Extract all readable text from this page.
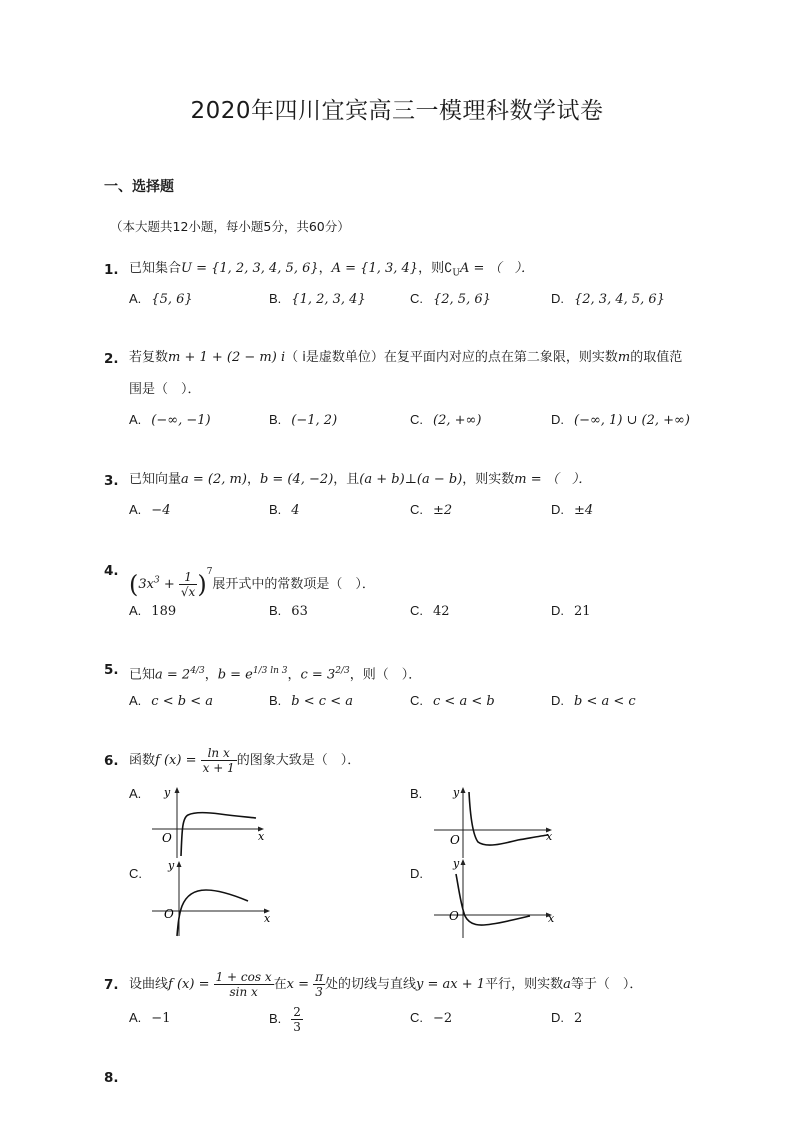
2020年四川宜宾高三一模理科数学试卷
一、选择题
（本大题共12小题，每小题5分，共60分）
1. 已知集合U = {1, 2, 3, 4, 5, 6}，A = {1, 3, 4}，则$∁_UA$ = （　）．
A. {5, 6}	B. {1, 2, 3, 4}	C. {2, 5, 6}	D. {2, 3, 4, 5, 6}
2. 若复数m + 1 + (2 − m) i（ i是虚数单位）在复平面内对应的点在第二象限，则实数m的取值范
围是（　）．
A. (−∞, −1)	B. (−1, 2)	C. (2, +∞)	D. (−∞, 1) ∪ (2, +∞)
3. 已知向量a = (2, m)，b = (4, −2)，且(a + b)⊥(a − b)，则实数m = （　）．
A. −4	B. 4	C. ±2	D. ±4
4. $(3x^3 + \frac{1}{√x} )^7$展开式中的常数项是（　）．
A. 189	B. 63	C. 42	D. 21
5. 已知$a = 2^{4/3}$，$b = e^{1/3 ln 3}$，$c = 3^{2/3}$，则（　）．
A. c < b < a	B. b < c < a	C. c < a < b	D. b < a < c
6. 函数f $(x) = \frac{\text{ln x}}{x + 1}$ 的图象大致是（　）．
A.	B.
C.	D.
y
x
O
y
x
O
y
x
O
y
x
O
7. 设曲线f $(x) = \frac{\text{1 + cos x}}{\text{sin x}}$ 在$x = \frac{\pi}{3}$ 处的切线与直线y = ax + 1平行，则实数a等于（　）．
A. −1	B. $\frac{2}{3}$	C. −2	D. 2
8.
